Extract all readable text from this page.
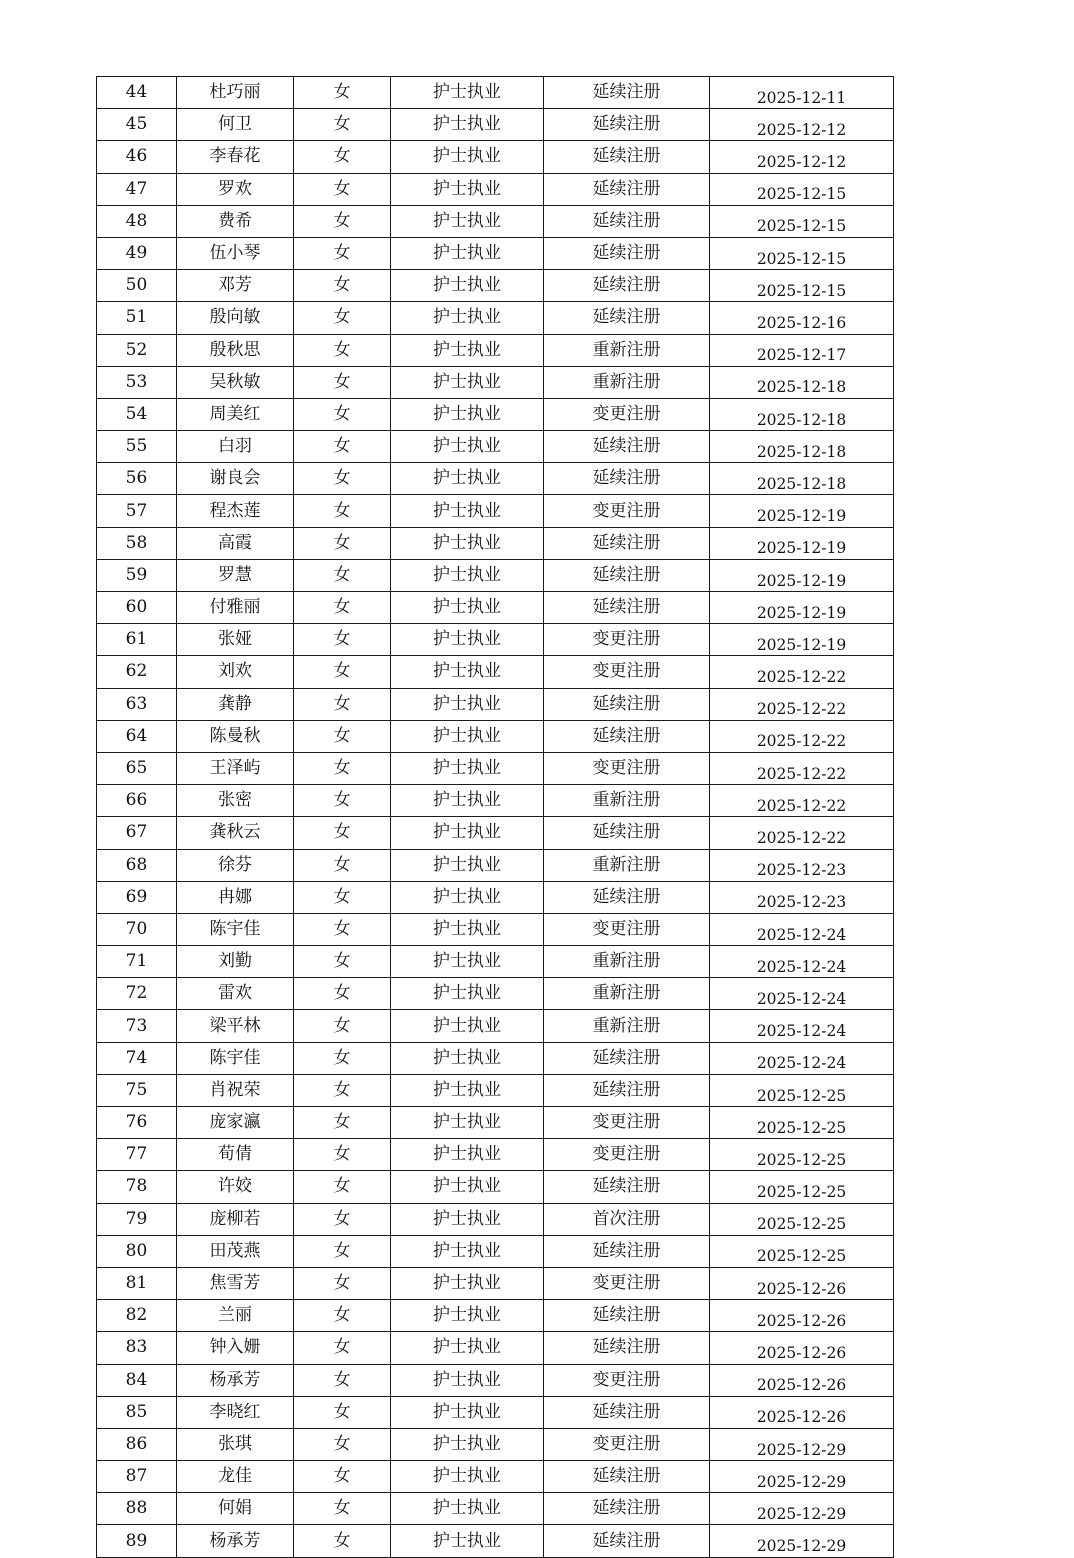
44	杜巧丽	女	护士执业	延续注册	2025-12-11
45	何卫	女	护士执业	延续注册	2025-12-12
46	李春花	女	护士执业	延续注册	2025-12-12
47	罗欢	女	护士执业	延续注册	2025-12-15
48	费希	女	护士执业	延续注册	2025-12-15
49	伍小琴	女	护士执业	延续注册	2025-12-15
50	邓芳	女	护士执业	延续注册	2025-12-15
51	殷向敏	女	护士执业	延续注册	2025-12-16
52	殷秋思	女	护士执业	重新注册	2025-12-17
53	吴秋敏	女	护士执业	重新注册	2025-12-18
54	周美红	女	护士执业	变更注册	2025-12-18
55	白羽	女	护士执业	延续注册	2025-12-18
56	谢良会	女	护士执业	延续注册	2025-12-18
57	程杰莲	女	护士执业	变更注册	2025-12-19
58	高霞	女	护士执业	延续注册	2025-12-19
59	罗慧	女	护士执业	延续注册	2025-12-19
60	付雅丽	女	护士执业	延续注册	2025-12-19
61	张娅	女	护士执业	变更注册	2025-12-19
62	刘欢	女	护士执业	变更注册	2025-12-22
63	龚静	女	护士执业	延续注册	2025-12-22
64	陈曼秋	女	护士执业	延续注册	2025-12-22
65	王泽屿	女	护士执业	变更注册	2025-12-22
66	张密	女	护士执业	重新注册	2025-12-22
67	龚秋云	女	护士执业	延续注册	2025-12-22
68	徐芬	女	护士执业	重新注册	2025-12-23
69	冉娜	女	护士执业	延续注册	2025-12-23
70	陈宇佳	女	护士执业	变更注册	2025-12-24
71	刘勤	女	护士执业	重新注册	2025-12-24
72	雷欢	女	护士执业	重新注册	2025-12-24
73	梁平林	女	护士执业	重新注册	2025-12-24
74	陈宇佳	女	护士执业	延续注册	2025-12-24
75	肖祝荣	女	护士执业	延续注册	2025-12-25
76	庞家瀛	女	护士执业	变更注册	2025-12-25
77	荀倩	女	护士执业	变更注册	2025-12-25
78	许姣	女	护士执业	延续注册	2025-12-25
79	庞柳若	女	护士执业	首次注册	2025-12-25
80	田茂燕	女	护士执业	延续注册	2025-12-25
81	焦雪芳	女	护士执业	变更注册	2025-12-26
82	兰丽	女	护士执业	延续注册	2025-12-26
83	钟入姗	女	护士执业	延续注册	2025-12-26
84	杨承芳	女	护士执业	变更注册	2025-12-26
85	李晓红	女	护士执业	延续注册	2025-12-26
86	张琪	女	护士执业	变更注册	2025-12-29
87	龙佳	女	护士执业	延续注册	2025-12-29
88	何娟	女	护士执业	延续注册	2025-12-29
89	杨承芳	女	护士执业	延续注册	2025-12-29
